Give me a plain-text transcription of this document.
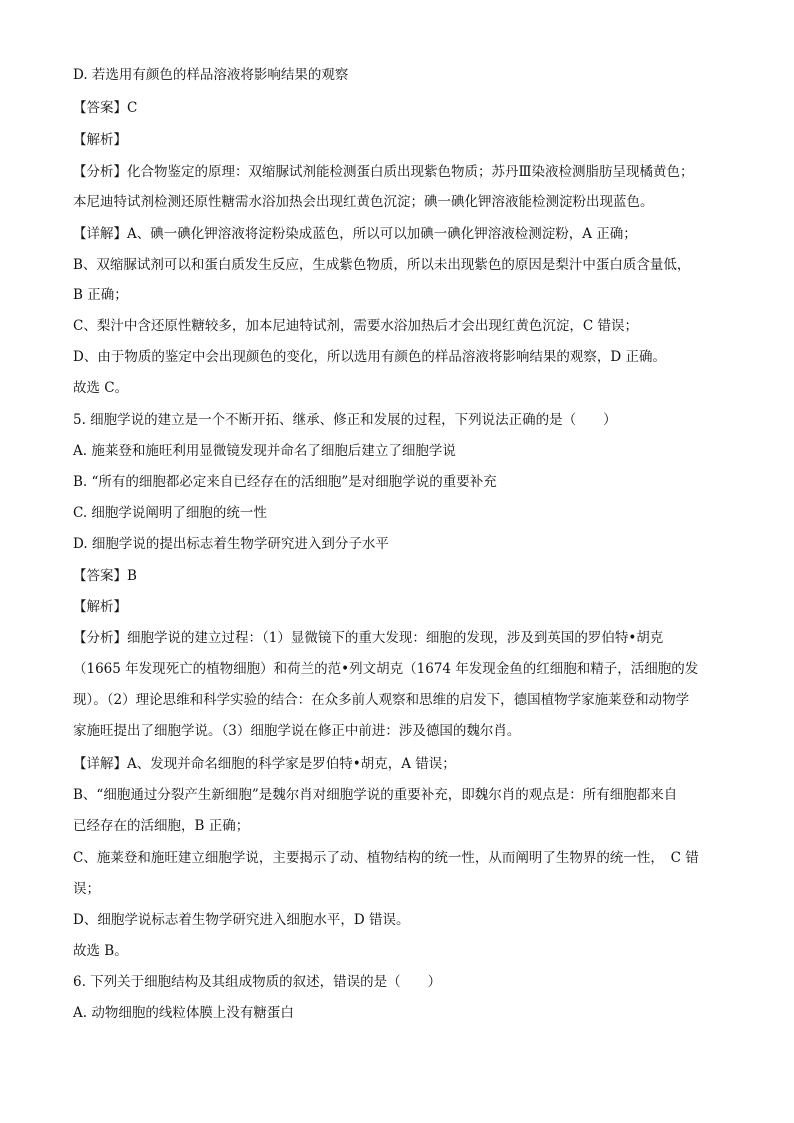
D. 若选用有颜色的样品溶液将影响结果的观察
【答案】C
【解析】
【分析】化合物鉴定的原理：双缩脲试剂能检测蛋白质出现紫色物质；苏丹Ⅲ染液检测脂肪呈现橘黄色；
本尼迪特试剂检测还原性糖需水浴加热会出现红黄色沉淀；碘一碘化钾溶液能检测淀粉出现蓝色。
【详解】A、碘一碘化钾溶液将淀粉染成蓝色，所以可以加碘一碘化钾溶液检测淀粉，A 正确；
B、双缩脲试剂可以和蛋白质发生反应，生成紫色物质，所以未出现紫色的原因是梨汁中蛋白质含量低，
B 正确；
C、梨汁中含还原性糖较多，加本尼迪特试剂，需要水浴加热后才会出现红黄色沉淀，C 错误；
D、由于物质的鉴定中会出现颜色的变化，所以选用有颜色的样品溶液将影响结果的观察，D 正确。
故选 C。
5. 细胞学说的建立是一个不断开拓、继承、修正和发展的过程，下列说法正确的是（　　）
A. 施莱登和施旺利用显微镜发现并命名了细胞后建立了细胞学说
B. “所有的细胞都必定来自已经存在的活细胞”是对细胞学说的重要补充
C. 细胞学说阐明了细胞的统一性
D. 细胞学说的提出标志着生物学研究进入到分子水平
【答案】B
【解析】
【分析】细胞学说的建立过程：（1）显微镜下的重大发现：细胞的发现，涉及到英国的罗伯特•胡克
（1665 年发现死亡的植物细胞）和荷兰的范•列文胡克（1674 年发现金鱼的红细胞和精子，活细胞的发
现）。（2）理论思维和科学实验的结合：在众多前人观察和思维的启发下，德国植物学家施莱登和动物学
家施旺提出了细胞学说。（3）细胞学说在修正中前进：涉及德国的魏尔肖。
【详解】A、发现并命名细胞的科学家是罗伯特•胡克，A 错误；
B、“细胞通过分裂产生新细胞”是魏尔肖对细胞学说的重要补充，即魏尔肖的观点是：所有细胞都来自
已经存在的活细胞，B 正确；
C、施莱登和施旺建立细胞学说，主要揭示了动、植物结构的统一性，从而阐明了生物界的统一性，　C 错
误；
D、细胞学说标志着生物学研究进入细胞水平，D 错误。
故选 B。
6. 下列关于细胞结构及其组成物质的叙述，错误的是（　　）
A. 动物细胞的线粒体膜上没有糖蛋白
